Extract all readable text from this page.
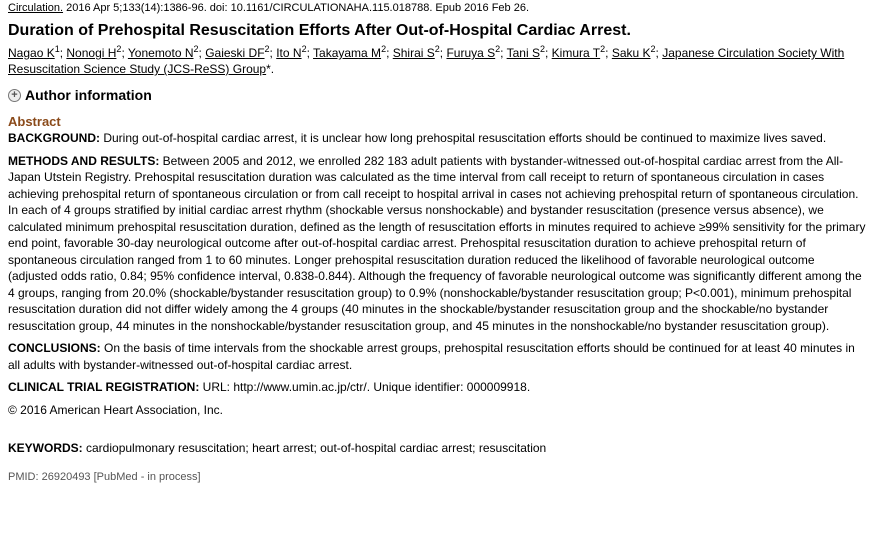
Circulation. 2016 Apr 5;133(14):1386-96. doi: 10.1161/CIRCULATIONAHA.115.018788. Epub 2016 Feb 26.
Duration of Prehospital Resuscitation Efforts After Out-of-Hospital Cardiac Arrest.
Nagao $K^1$; Nonogi $H^2$; Yonemoto $N^2$; Gaieski $DF^2$; Ito $N^2$; Takayama $M^2$; Shirai $S^2$; Furuya $S^2$; Tani $S^2$; Kimura $T^2$; Saku $K^2$; Japanese Circulation Society With Resuscitation Science Study (JCS-ReSS) Group*.
+ Author information
Abstract

BACKGROUND: During out-of-hospital cardiac arrest, it is unclear how long prehospital resuscitation efforts should be continued to maximize lives saved.

METHODS AND RESULTS: Between 2005 and 2012, we enrolled 282 183 adult patients with bystander-witnessed out-of-hospital cardiac arrest from the All-Japan Utstein Registry. Prehospital resuscitation duration was calculated as the time interval from call receipt to return of spontaneous circulation in cases achieving prehospital return of spontaneous circulation or from call receipt to hospital arrival in cases not achieving prehospital return of spontaneous circulation. In each of 4 groups stratified by initial cardiac arrest rhythm (shockable versus nonshockable) and bystander resuscitation (presence versus absence), we calculated minimum prehospital resuscitation duration, defined as the length of resuscitation efforts in minutes required to achieve ≥99% sensitivity for the primary end point, favorable 30-day neurological outcome after out-of-hospital cardiac arrest. Prehospital resuscitation duration to achieve prehospital return of spontaneous circulation ranged from 1 to 60 minutes. Longer prehospital resuscitation duration reduced the likelihood of favorable neurological outcome (adjusted odds ratio, 0.84; 95% confidence interval, 0.838-0.844). Although the frequency of favorable neurological outcome was significantly different among the 4 groups, ranging from 20.0% (shockable/bystander resuscitation group) to 0.9% (nonshockable/bystander resuscitation group; P<0.001), minimum prehospital resuscitation duration did not differ widely among the 4 groups (40 minutes in the shockable/bystander resuscitation group and the shockable/no bystander resuscitation group, 44 minutes in the nonshockable/bystander resuscitation group, and 45 minutes in the nonshockable/no bystander resuscitation group).

CONCLUSIONS: On the basis of time intervals from the shockable arrest groups, prehospital resuscitation efforts should be continued for at least 40 minutes in all adults with bystander-witnessed out-of-hospital cardiac arrest.

CLINICAL TRIAL REGISTRATION: URL: http://www.umin.ac.jp/ctr/. Unique identifier: 000009918.

© 2016 American Heart Association, Inc.

KEYWORDS: cardiopulmonary resuscitation; heart arrest; out-of-hospital cardiac arrest; resuscitation
PMID: 26920493 [PubMed - in process]
